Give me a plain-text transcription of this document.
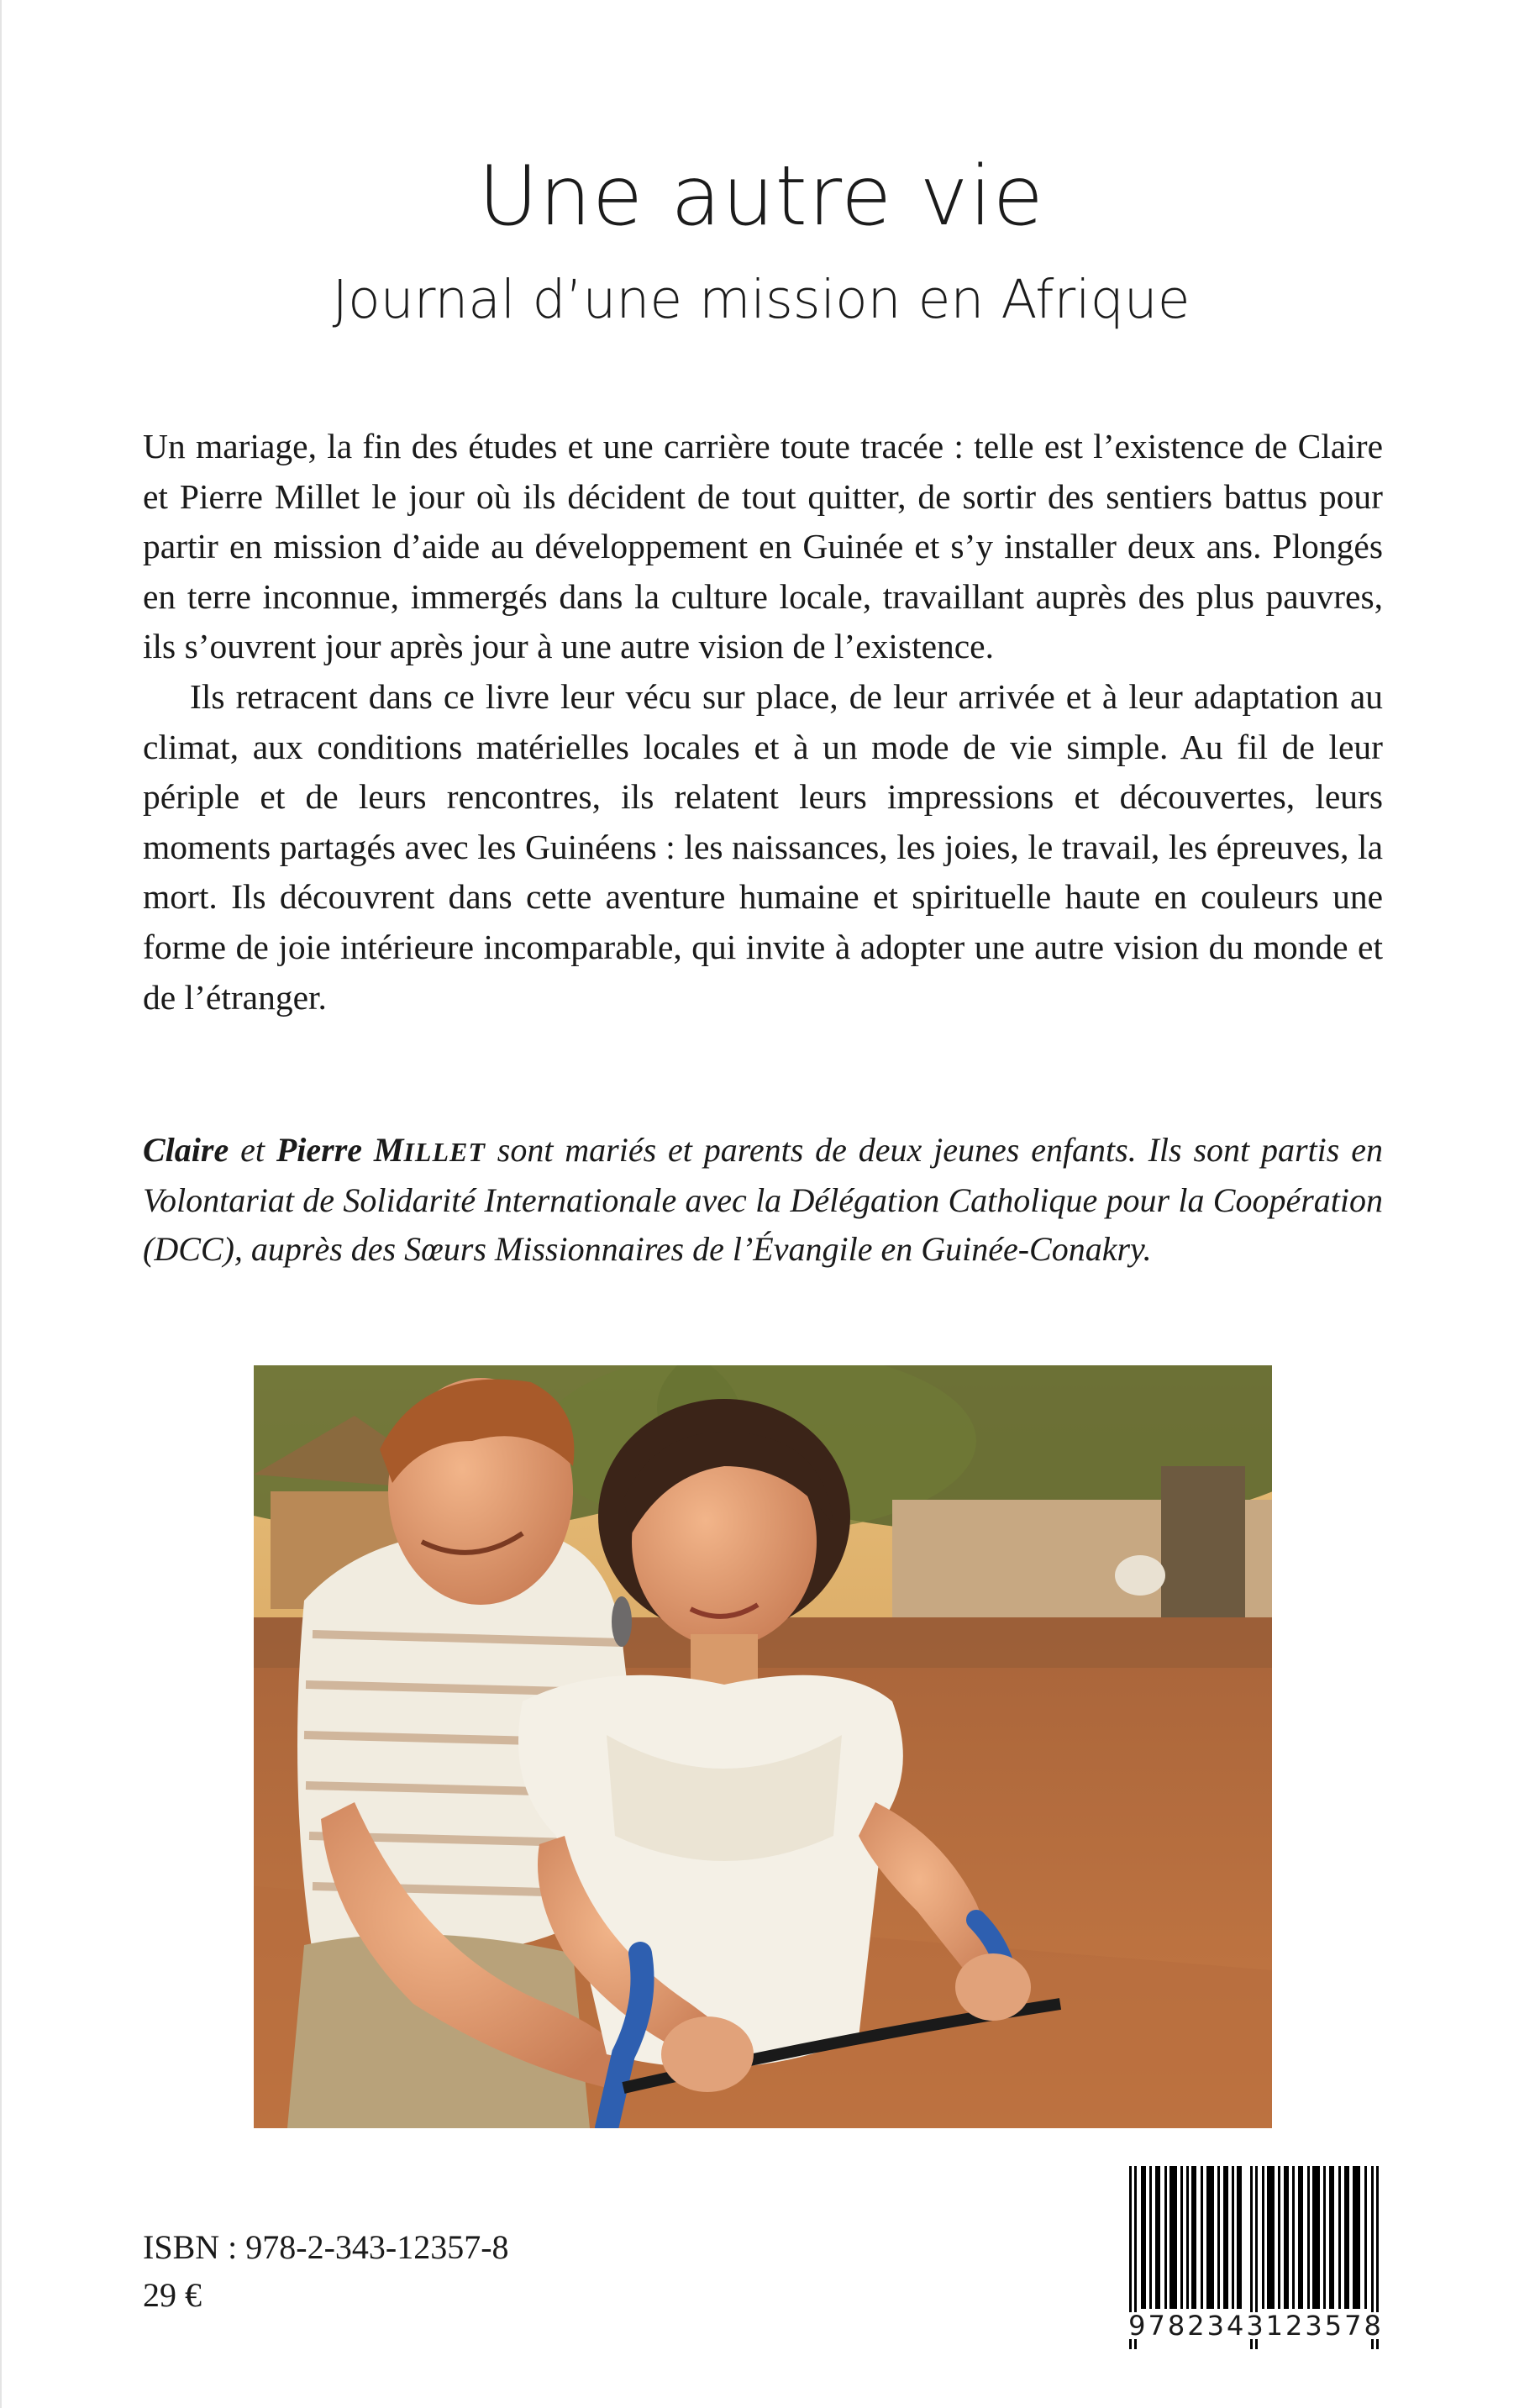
Une autre vie
Journal d’une mission en Afrique

Un mariage, la fin des études et une carrière toute tracée : telle est l’existence de Claire et Pierre Millet le jour où ils décident de tout quitter, de sortir des sentiers battus pour partir en mission d’aide au développement en Guinée et s’y installer deux ans. Plongés en terre inconnue, immergés dans la culture locale, travaillant auprès des plus pauvres, ils s’ouvrent jour après jour à une autre vision de l’existence.

Ils retracent dans ce livre leur vécu sur place, de leur arrivée et à leur adaptation au climat, aux conditions matérielles locales et à un mode de vie simple. Au fil de leur périple et de leurs rencontres, ils relatent leurs impressions et découvertes, leurs moments partagés avec les Guinéens : les naissances, les joies, le travail, les épreuves, la mort. Ils découvrent dans cette aventure humaine et spirituelle haute en couleurs une forme de joie intérieure incomparable, qui invite à adopter une autre vision du monde et de l’étranger.

Claire et Pierre MILLET sont mariés et parents de deux jeunes enfants. Ils sont partis en Volontariat de Solidarité Internationale avec la Délégation Catholique pour la Coopération (DCC), auprès des Sœurs Missionnaires de l’Évangile en Guinée-Conakry.

ISBN : 978-2-343-12357-8
29 €
9782343123578
